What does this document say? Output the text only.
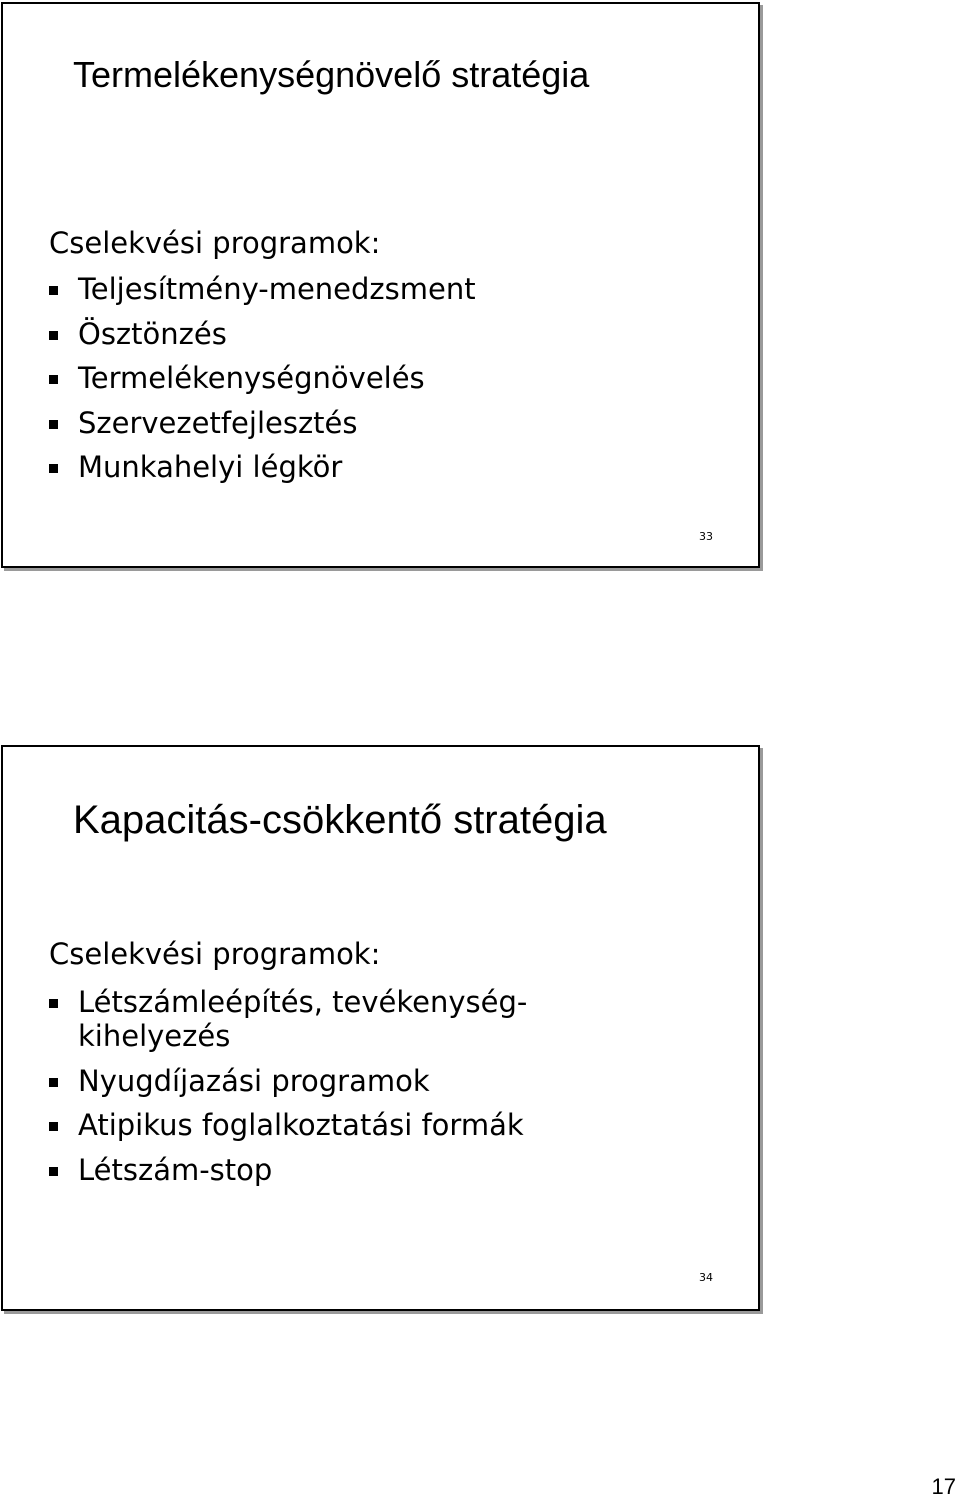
Termelékenységnövelő stratégia
Cselekvési programok:
Teljesítmény-menedzsment
Ösztönzés
Termelékenységnövelés
Szervezetfejlesztés
Munkahelyi légkör
33
Kapacitás-csökkentő stratégia
Cselekvési programok:
Létszámleépítés, tevékenység-
kihelyezés
Nyugdíjazási programok
Atipikus foglalkoztatási formák
Létszám-stop
34
17
